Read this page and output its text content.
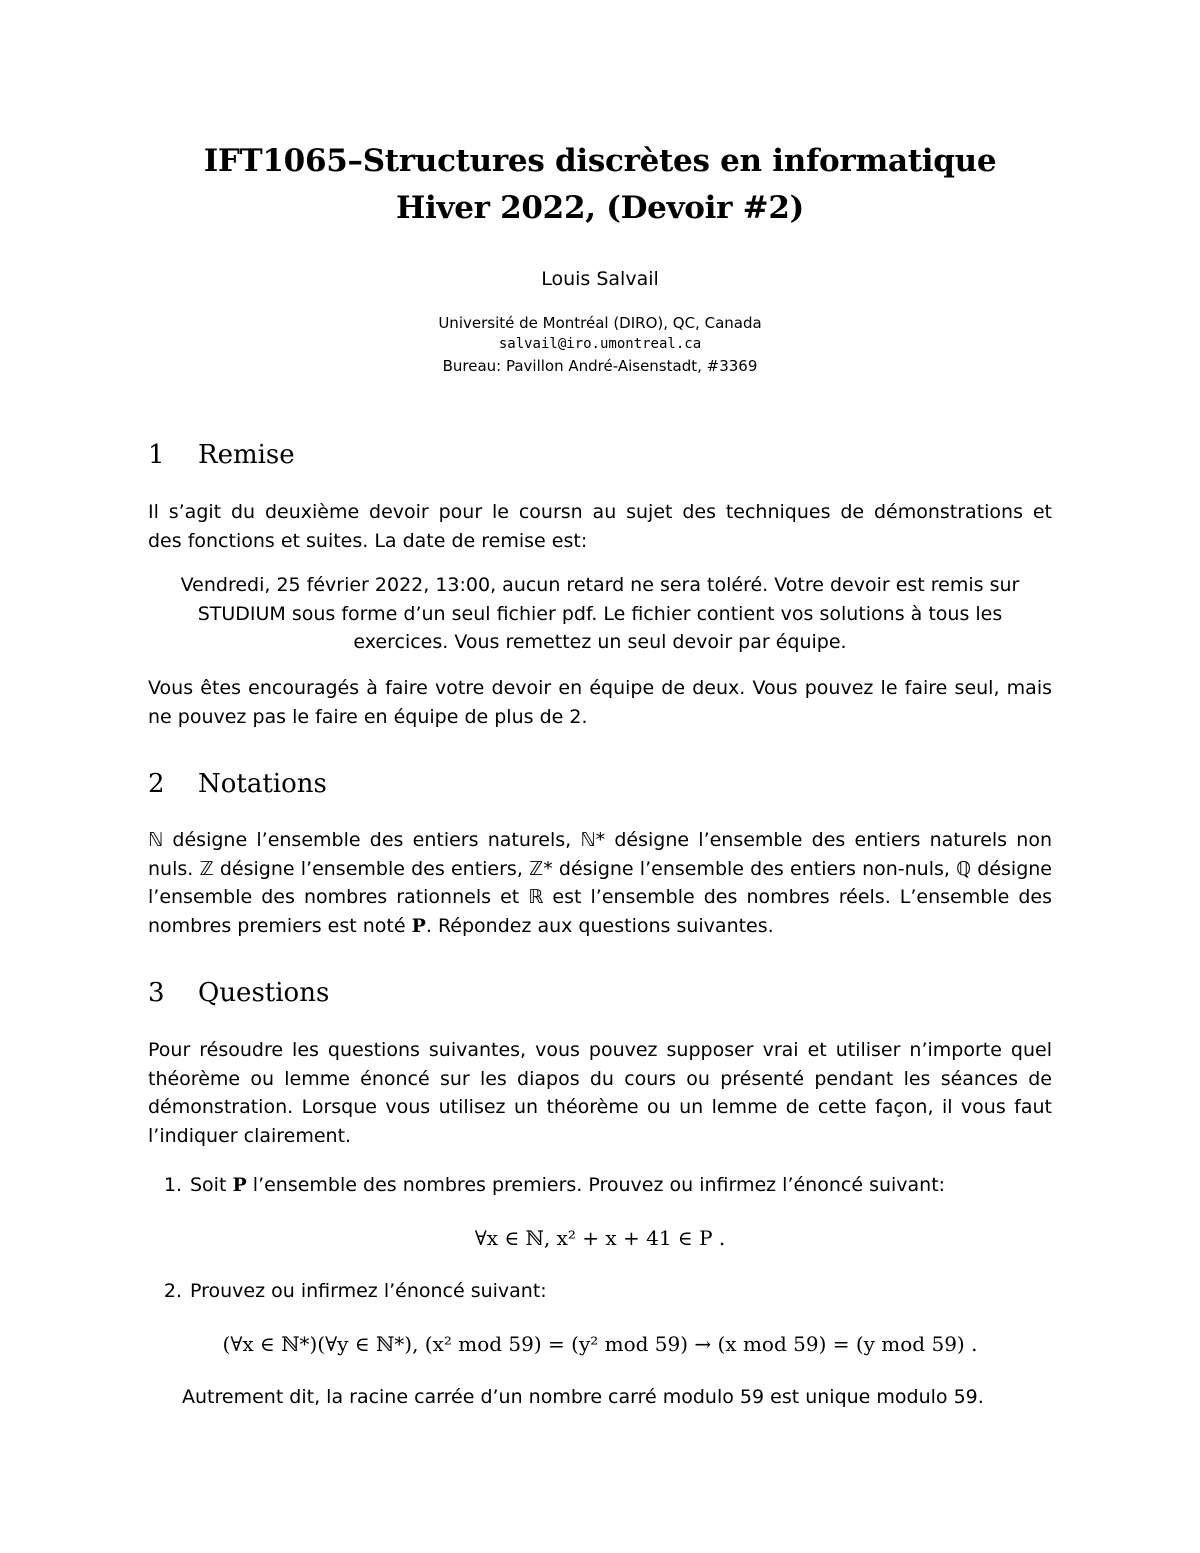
IFT1065–Structures discrètes en informatique
Hiver 2022, (Devoir #2)
Louis Salvail
Université de Montréal (DIRO), QC, Canada
salvail@iro.umontreal.ca
Bureau: Pavillon André-Aisenstadt, #3369
1 Remise
Il s’agit du deuxième devoir pour le coursn au sujet des techniques de démonstrations et
des fonctions et suites. La date de remise est:
Vendredi, 25 février 2022, 13:00, aucun retard ne sera toléré. Votre devoir est remis sur
STUDIUM sous forme d’un seul fichier pdf. Le fichier contient vos solutions à tous les
exercices. Vous remettez un seul devoir par équipe.
Vous êtes encouragés à faire votre devoir en équipe de deux. Vous pouvez le faire seul, mais
ne pouvez pas le faire en équipe de plus de 2.
2 Notations
ℕ désigne l’ensemble des entiers naturels, ℕ* désigne l’ensemble des entiers naturels non
nuls. ℤ désigne l’ensemble des entiers, ℤ* désigne l’ensemble des entiers non-nuls, ℚ désigne
l’ensemble des nombres rationnels et ℝ est l’ensemble des nombres réels. L’ensemble des
nombres premiers est noté P. Répondez aux questions suivantes.
3 Questions
Pour résoudre les questions suivantes, vous pouvez supposer vrai et utiliser n’importe quel
théorème ou lemme énoncé sur les diapos du cours ou présenté pendant les séances de
démonstration. Lorsque vous utilisez un théorème ou un lemme de cette façon, il vous faut
l’indiquer clairement.
1. Soit P l’ensemble des nombres premiers. Prouvez ou infirmez l’énoncé suivant:
∀x ∈ ℕ, x² + x + 41 ∈ P .
2. Prouvez ou infirmez l’énoncé suivant:
(∀x ∈ ℕ*)(∀y ∈ ℕ*), (x² mod 59) = (y² mod 59) → (x mod 59) = (y mod 59) .
Autrement dit, la racine carrée d’un nombre carré modulo 59 est unique modulo 59.
